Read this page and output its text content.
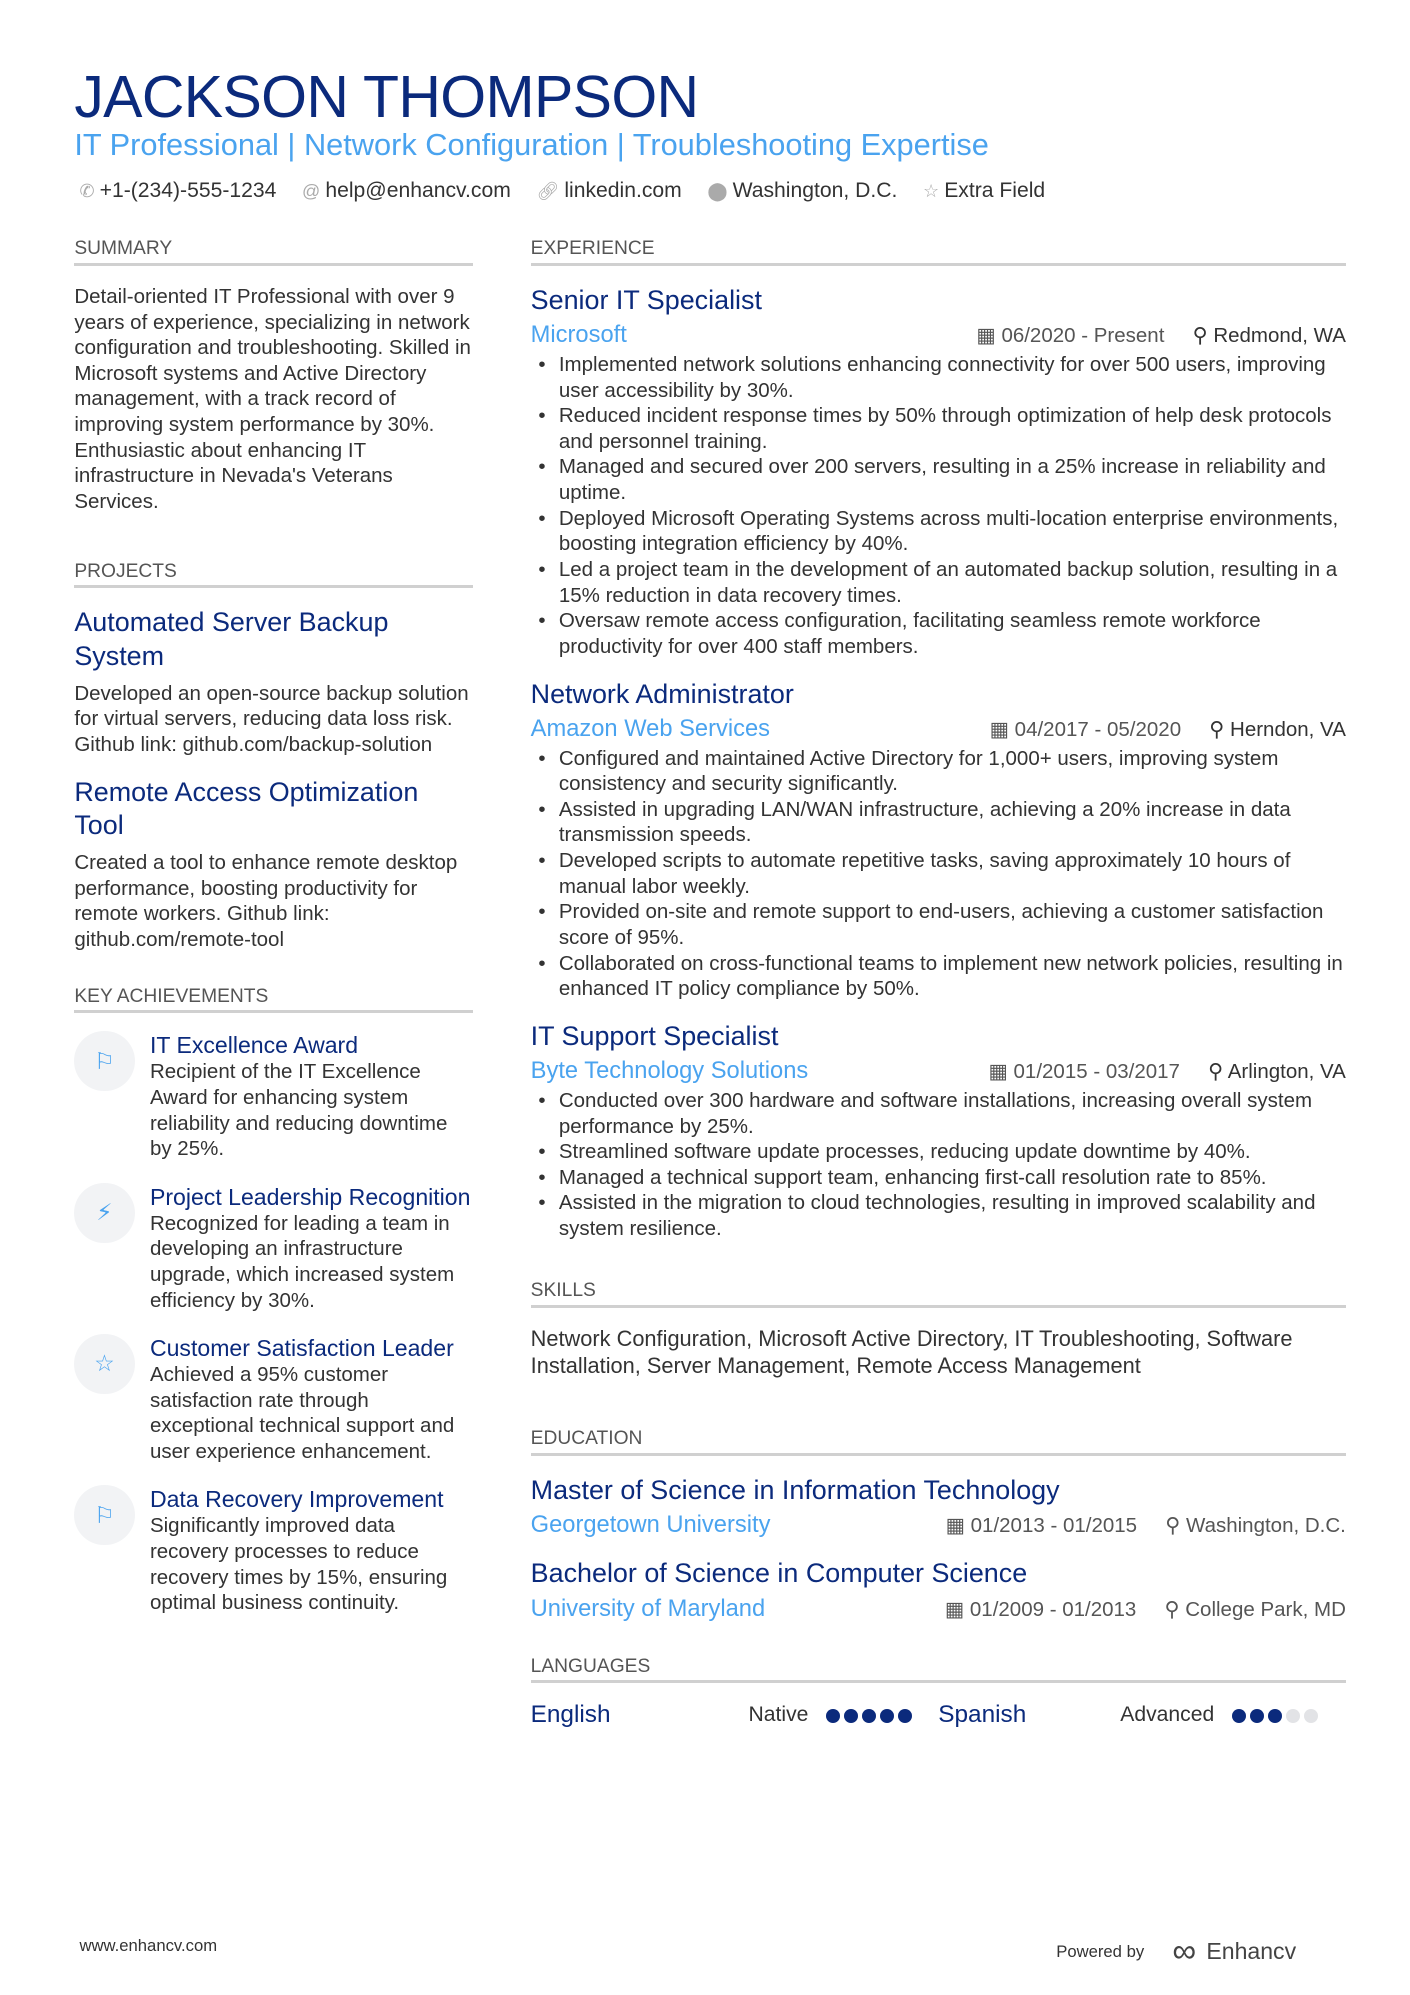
JACKSON THOMPSON
IT Professional | Network Configuration | Troubleshooting Expertise
✆ +1-(234)-555-1234 @ help@enhancv.com 🔗︎ linkedin.com ⬤ Washington, D.C. ☆ Extra Field
SUMMARY
Detail-oriented IT Professional with over 9 years of experience, specializing in network configuration and troubleshooting. Skilled in Microsoft systems and Active Directory management, with a track record of improving system performance by 30%. Enthusiastic about enhancing IT infrastructure in Nevada's Veterans Services.
PROJECTS
Automated Server Backup System
Developed an open-source backup solution for virtual servers, reducing data loss risk. Github link: github.com/backup-solution
Remote Access Optimization Tool
Created a tool to enhance remote desktop performance, boosting productivity for remote workers. Github link: github.com/remote-tool
KEY ACHIEVEMENTS
⚐
IT Excellence Award
Recipient of the IT Excellence Award for enhancing system reliability and reducing downtime by 25%.
⚡︎
Project Leadership Recognition
Recognized for leading a team in developing an infrastructure upgrade, which increased system efficiency by 30%.
☆
Customer Satisfaction Leader
Achieved a 95% customer satisfaction rate through exceptional technical support and user experience enhancement.
⚐
Data Recovery Improvement
Significantly improved data recovery processes to reduce recovery times by 15%, ensuring optimal business continuity.
EXPERIENCE
Senior IT Specialist
Microsoft	▦ 06/2020 - Present ⚲ Redmond, WA
• Implemented network solutions enhancing connectivity for over 500 users, improving user accessibility by 30%.
• Reduced incident response times by 50% through optimization of help desk protocols and personnel training.
• Managed and secured over 200 servers, resulting in a 25% increase in reliability and uptime.
• Deployed Microsoft Operating Systems across multi-location enterprise environments, boosting integration efficiency by 40%.
• Led a project team in the development of an automated backup solution, resulting in a 15% reduction in data recovery times.
• Oversaw remote access configuration, facilitating seamless remote workforce productivity for over 400 staff members.
Network Administrator
Amazon Web Services	▦ 04/2017 - 05/2020 ⚲ Herndon, VA
• Configured and maintained Active Directory for 1,000+ users, improving system consistency and security significantly.
• Assisted in upgrading LAN/WAN infrastructure, achieving a 20% increase in data transmission speeds.
• Developed scripts to automate repetitive tasks, saving approximately 10 hours of manual labor weekly.
• Provided on-site and remote support to end-users, achieving a customer satisfaction score of 95%.
• Collaborated on cross-functional teams to implement new network policies, resulting in enhanced IT policy compliance by 50%.
IT Support Specialist
Byte Technology Solutions	▦ 01/2015 - 03/2017 ⚲ Arlington, VA
• Conducted over 300 hardware and software installations, increasing overall system performance by 25%.
• Streamlined software update processes, reducing update downtime by 40%.
• Managed a technical support team, enhancing first-call resolution rate to 85%.
• Assisted in the migration to cloud technologies, resulting in improved scalability and system resilience.
SKILLS
Network Configuration, Microsoft Active Directory, IT Troubleshooting, Software Installation, Server Management, Remote Access Management
EDUCATION
Master of Science in Information Technology
Georgetown University	▦ 01/2013 - 01/2015 ⚲ Washington, D.C.
Bachelor of Science in Computer Science
University of Maryland	▦ 01/2009 - 01/2013 ⚲ College Park, MD
LANGUAGES
English	Native	Spanish	Advanced
www.enhancv.com	Powered by ∞ Enhancv
